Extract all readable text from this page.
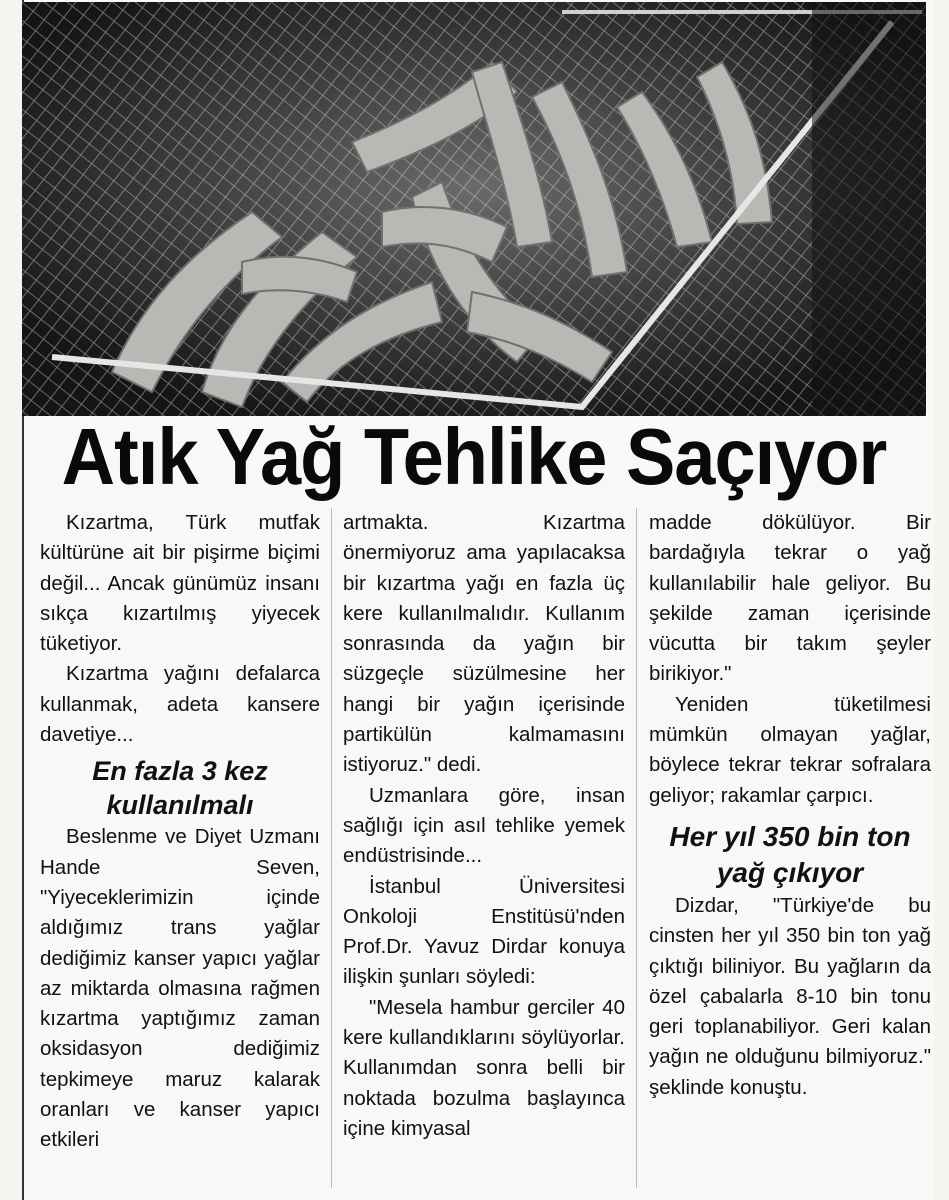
Atık Yağ Tehlike Saçıyor

Kızartma, Türk mutfak kültürüne ait bir pişirme biçimi değil... Ancak günümüz insanı sıkça kızartılmış yiyecek tüketiyor.

Kızartma yağını defalarca kullanmak, adeta kansere davetiye...

En fazla 3 kez kullanılmalı

Beslenme ve Diyet Uzmanı Hande Seven, "Yiyeceklerimizin içinde aldığımız trans yağlar dediğimiz kanser yapıcı yağlar az miktarda olmasına rağmen kızartma yaptığımız zaman oksidasyon dediğimiz tepkimeye maruz kalarak oranları ve kanser yapıcı etkileri

artmakta. Kızartma önermiyoruz ama yapılacaksa bir kızartma yağı en fazla üç kere kullanılmalıdır. Kullanım sonrasında da yağın bir süzgeçle süzülmesine her hangi bir yağın içerisinde partikülün kalmamasını istiyoruz." dedi.

Uzmanlara göre, insan sağlığı için asıl tehlike yemek endüstrisinde...

İstanbul Üniversitesi Onkoloji Enstitüsü'nden Prof.Dr. Yavuz Dirdar konuya ilişkin şunları söyledi:

"Mesela hambur gerciler 40 kere kullandıklarını söylüyorlar. Kullanımdan sonra belli bir noktada bozulma başlayınca içine kimyasal

madde dökülüyor. Bir bardağıyla tekrar o yağ kullanılabilir hale geliyor. Bu şekilde zaman içerisinde vücutta bir takım şeyler birikiyor."

Yeniden tüketilmesi mümkün olmayan yağlar, böylece tekrar tekrar sofralara geliyor; rakamlar çarpıcı.

Her yıl 350 bin ton yağ çıkıyor

Dizdar, "Türkiye'de bu cinsten her yıl 350 bin ton yağ çıktığı biliniyor. Bu yağların da özel çabalarla 8-10 bin tonu geri toplanabiliyor. Geri kalan yağın ne olduğunu bilmiyoruz." şeklinde konuştu.
